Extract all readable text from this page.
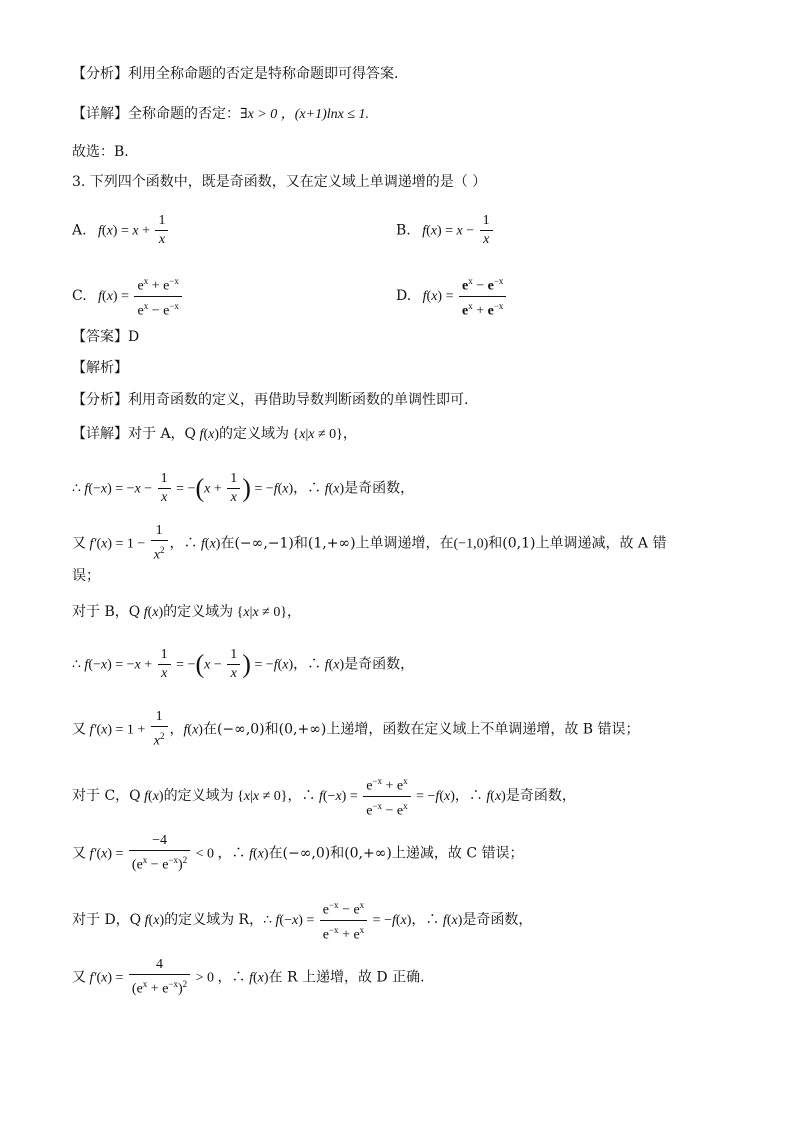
【分析】利用全称命题的否定是特称命题即可得答案.
【详解】全称命题的否定：∃x > 0 ，(x+1)lnx ≤ 1.
故选：B.
3. 下列四个函数中，既是奇函数，又在定义域上单调递增的是（ ）
A.   $f(x) = x + \frac{1}{x}$	B.   $f(x) = x - \frac{1}{x}$
C.   $f(x) = \frac{e^x + e^{-x}}{e^x - e^{-x}}$	D.   $f(x) = \frac{e^x - e^{-x}}{e^x + e^{-x}}$
【答案】D
【解析】
【分析】利用奇函数的定义，再借助导数判断函数的单调性即可.
【详解】对于 A，Q f(x)的定义域为 {x|x ≠ 0}，
∴ $f(-x) = -x - \frac{1}{x} = -(x + \frac{1}{x}$ ) = −f(x)，∴ f(x)是奇函数，
又 $f'(x) = 1 - \frac{1}{x^2}$ ，∴ f(x)在(−∞,−1)和(1,+∞)上单调递增，在(−1,0)和(0,1)上单调递减，故 A 错
误；
对于 B，Q f(x)的定义域为 {x|x ≠ 0}，
∴ $f(-x) = -x + \frac{1}{x} = -(x - \frac{1}{x}$ ) = −f(x)，∴ f(x)是奇函数，
又 $f'(x) = 1 + \frac{1}{x^2}$ ，f(x)在(−∞,0)和(0,+∞)上递增，函数在定义域上不单调递增，故 B 错误；
对于 C，Q f(x)的定义域为 {x|x ≠ 0}，∴ $f(-x) = \frac{e^{-x} + e^x}{e^{-x} - e^x} = -f(x)$，∴ f(x)是奇函数，
又 $f'(x) = \frac{-4}{(e^x - e^{-x})^2} < 0$ ，∴ f(x)在(−∞,0)和(0,+∞)上递减，故 C 错误；
对于 D，Q f(x)的定义域为 R，∴ $f(-x) = \frac{e^{-x} - e^x}{e^{-x} + e^x} = -f(x)$，∴ f(x)是奇函数，
又 $f'(x) = \frac{4}{(e^x + e^{-x})^2} > 0$ ，∴ f(x)在 R 上递增，故 D 正确.
